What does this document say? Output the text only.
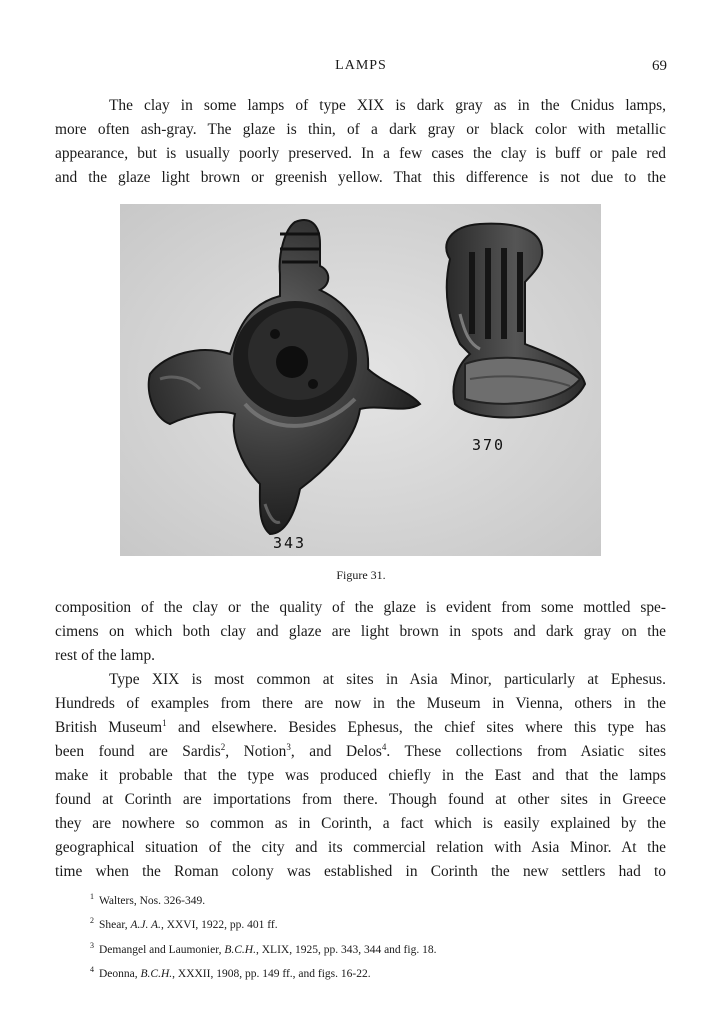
LAMPS	69
The clay in some lamps of type XIX is dark gray as in the Cnidus lamps,
more often ash-gray. The glaze is thin, of a dark gray or black color with metallic
appearance, but is usually poorly preserved. In a few cases the clay is buff or pale red
and the glaze light brown or greenish yellow. That this difference is not due to the
370
343
Figure 31.
composition of the clay or the quality of the glaze is evident from some mottled spe-
cimens on which both clay and glaze are light brown in spots and dark gray on the
rest of the lamp.
Type XIX is most common at sites in Asia Minor, particularly at Ephesus.
Hundreds of examples from there are now in the Museum in Vienna, others in the
British Museum$^1$ and elsewhere. Besides Ephesus, the chief sites where this type has
been found are Sardis$^2$, Notion$^3$, and Delos$^4$. These collections from Asiatic sites
make it probable that the type was produced chiefly in the East and that the lamps
found at Corinth are importations from there. Though found at other sites in Greece
they are nowhere so common as in Corinth, a fact which is easily explained by the
geographical situation of the city and its commercial relation with Asia Minor. At the
time when the Roman colony was established in Corinth the new settlers had to
$^1$ Walters, Nos. 326-349.
$^2$ Shear, A.J. A., XXVI, 1922, pp. 401 ff.
$^3$ Demangel and Laumonier, B.C.H., XLIX, 1925, pp. 343, 344 and fig. 18.
$^4$ Deonna, B.C.H., XXXII, 1908, pp. 149 ff., and figs. 16-22.
